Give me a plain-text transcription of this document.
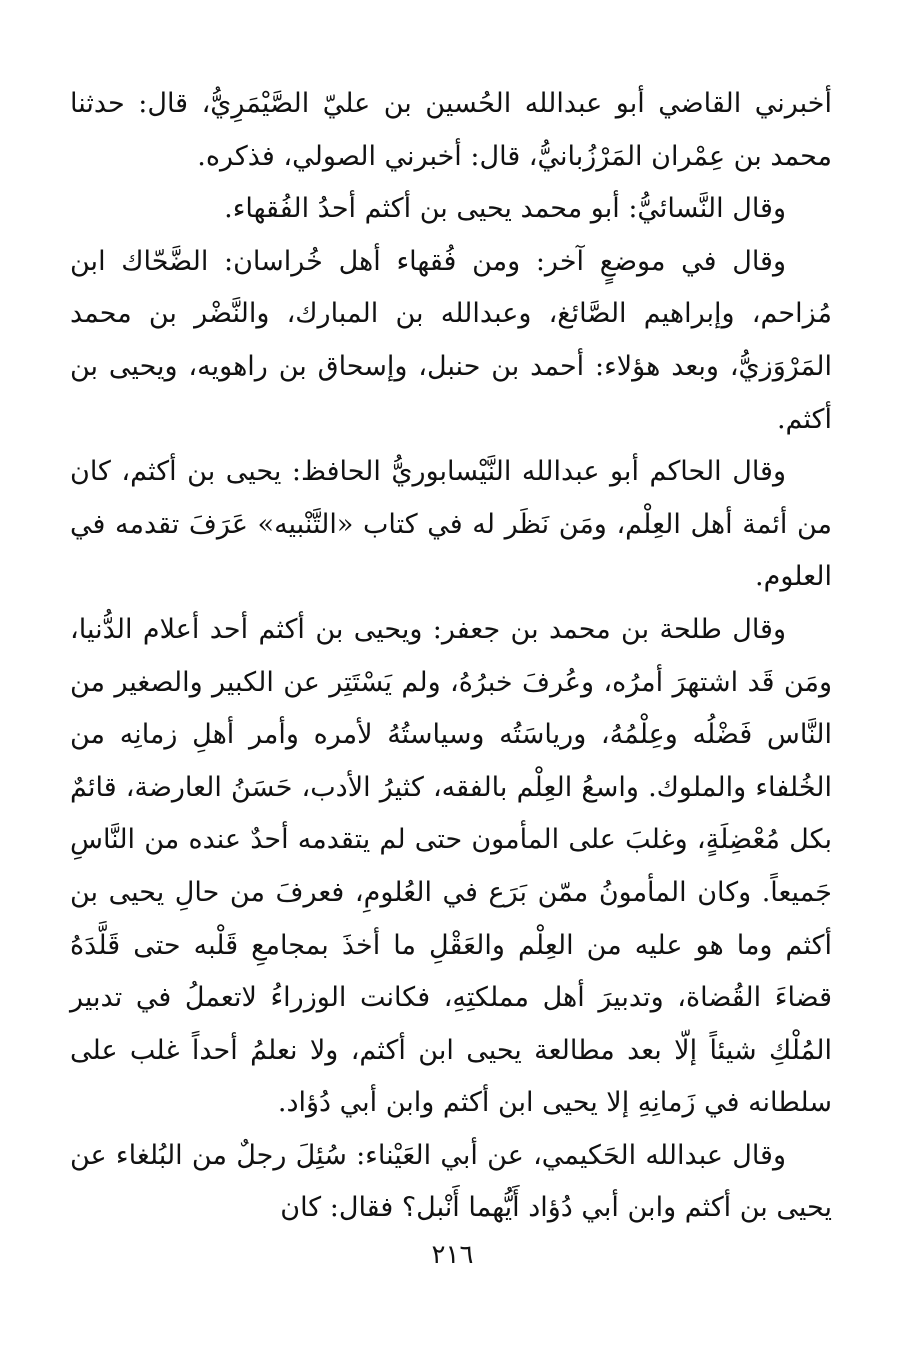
أخبرني القاضي أبو عبدالله الحُسين بن عليّ الصَّيْمَرِيُّ، قال: حدثنا محمد بن عِمْران المَرْزُبانيُّ، قال: أخبرني الصولي، فذكره.

وقال النَّسائيُّ: أبو محمد يحيى بن أكثم أحدُ الفُقهاء.

وقال في موضعٍ آخر: ومن فُقهاء أهل خُراسان: الضَّحّاك ابن مُزاحم، وإبراهيم الصَّائغ، وعبدالله بن المبارك، والنَّضْر بن محمد المَرْوَزيُّ، وبعد هؤلاء: أحمد بن حنبل، وإسحاق بن راهويه، ويحيى بن أكثم.

وقال الحاكم أبو عبدالله النَّيْسابوريُّ الحافظ: يحيى بن أكثم، كان من أئمة أهل العِلْم، ومَن نَظَر له في كتاب «التَّنْبيه» عَرَفَ تقدمه في العلوم.

وقال طلحة بن محمد بن جعفر: ويحيى بن أكثم أحد أعلام الدُّنيا، ومَن قَد اشتهرَ أمرُه، وعُرفَ خبرُهُ، ولم يَسْتَتِر عن الكبير والصغير من النَّاس فَضْلُه وعِلْمُهُ، ورياسَتُه وسياستُهُ لأمره وأمر أهلِ زمانِه من الخُلفاء والملوك. واسعُ العِلْم بالفقه، كثيرُ الأدب، حَسَنُ العارضة، قائمٌ بكل مُعْضِلَةٍ، وغلبَ على المأمون حتى لم يتقدمه أحدٌ عنده من النَّاسِ جَميعاً. وكان المأمونُ ممّن بَرَع في العُلومِ، فعرفَ من حالِ يحيى بن أكثم وما هو عليه من العِلْم والعَقْلِ ما أخذَ بمجامعِ قَلْبه حتى قَلَّدَهُ قضاءَ القُضاة، وتدبيرَ أهل مملكتِهِ، فكانت الوزراءُ لاتعملُ في تدبير المُلْكِ شيئاً إلّا بعد مطالعة يحيى ابن أكثم، ولا نعلمُ أحداً غلب على سلطانه في زَمانِهِ إلا يحيى ابن أكثم وابن أبي دُؤاد.

وقال عبدالله الحَكيمي، عن أبي العَيْناء: سُئِلَ رجلٌ من البُلغاء عن يحيى بن أكثم وابن أبي دُؤاد أَيُّهما أَنْبل؟ فقال: كان

٢١٦
